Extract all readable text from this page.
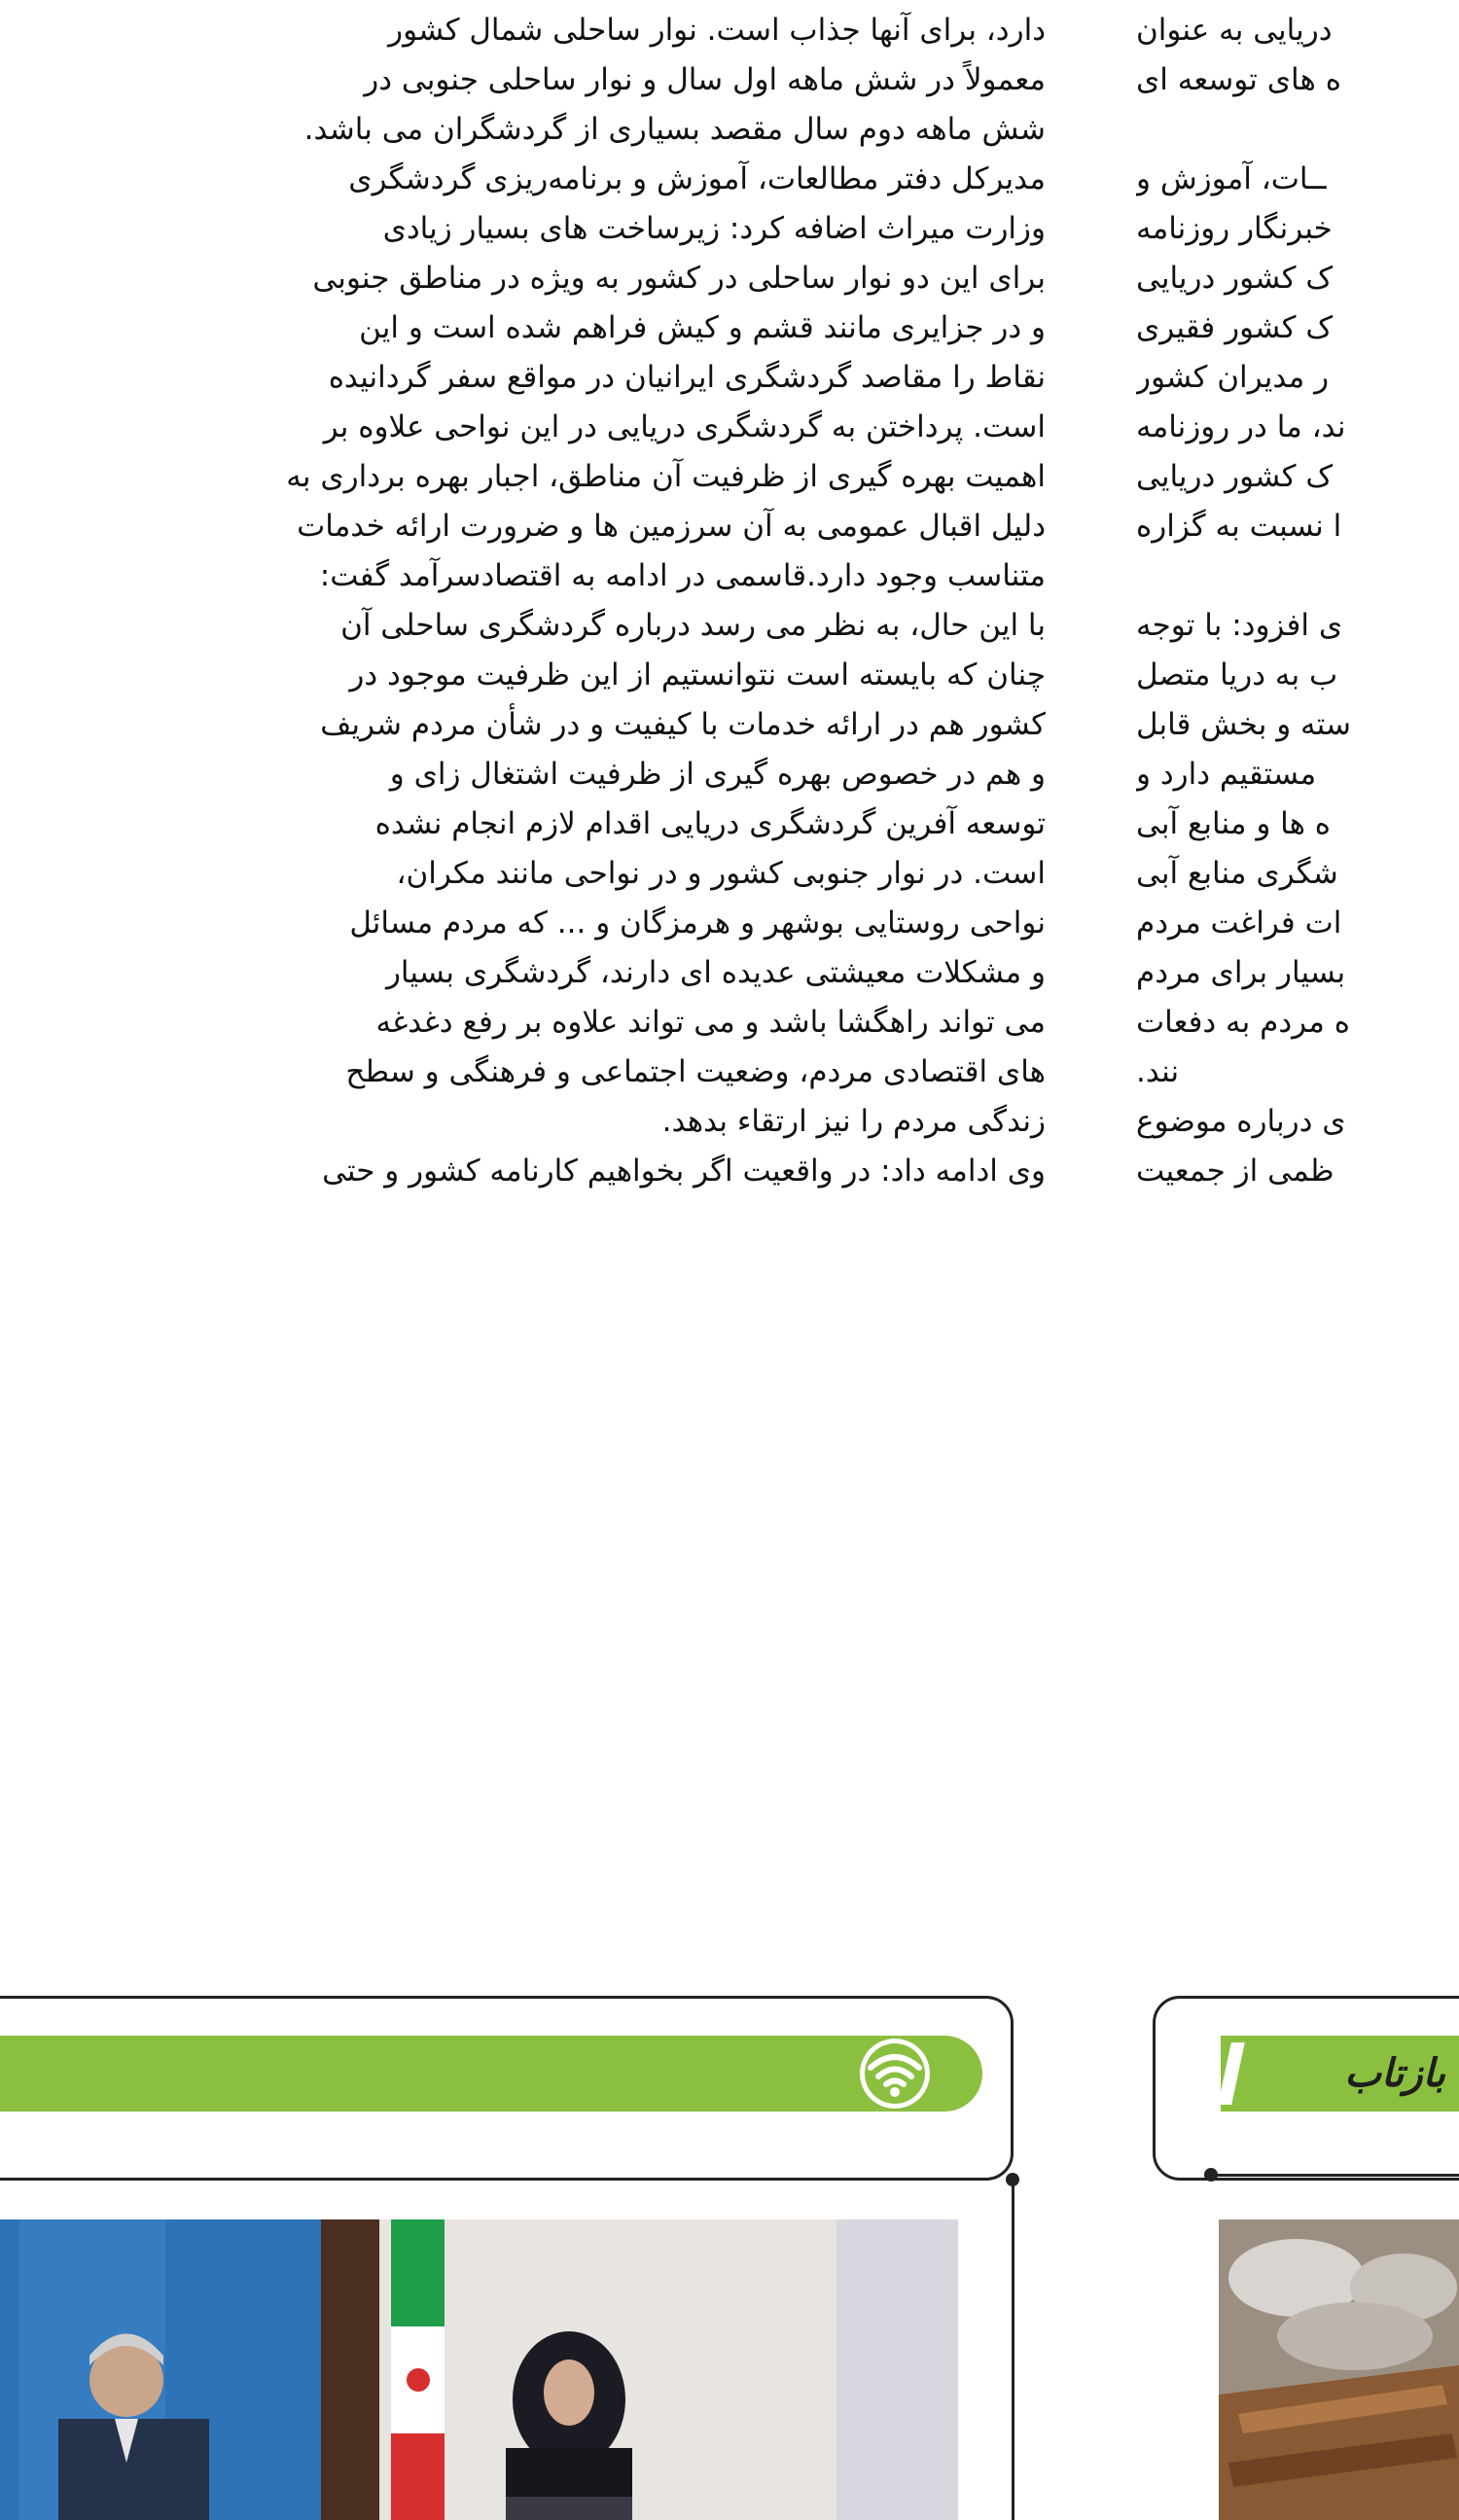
دارد، برای آنها جذاب است. نوار ساحلی شمال کشور
معمولاً در شش ماهه اول سال و نوار ساحلی جنوبی در
شش ماهه دوم سال مقصد بسیاری از گردشگران می باشد.
مدیرکل دفتر مطالعات، آموزش و برنامه‌ریزی گردشگری
وزارت میراث اضافه کرد: زیرساخت های بسیار زیادی
برای این دو نوار ساحلی در کشور به ویژه در مناطق جنوبی
و در جزایری مانند قشم و کیش فراهم شده است و این
نقاط را مقاصد گردشگری ایرانیان در مواقع سفر گردانیده
است. پرداختن به گردشگری دریایی در این نواحی علاوه بر
اهمیت بهره گیری از ظرفیت آن مناطق، اجبار بهره برداری به
دلیل اقبال عمومی به آن سرزمین ها و ضرورت ارائه خدمات
متناسب وجود دارد.قاسمی در ادامه به اقتصادسرآمد گفت:
با این حال، به نظر می رسد درباره گردشگری ساحلی آن
چنان که بایسته است نتوانستیم از این ظرفیت موجود در
کشور هم در ارائه خدمات با کیفیت و در شأن مردم شریف
و هم در خصوص بهره گیری از ظرفیت اشتغال زای و
توسعه آفرین گردشگری دریایی اقدام لازم انجام نشده
است. در نوار جنوبی کشور و در نواحی مانند مکران،
نواحی روستایی بوشهر و هرمزگان و ... که مردم مسائل
و مشکلات معیشتی عدیده ای دارند، گردشگری بسیار
می تواند راهگشا باشد و می تواند علاوه بر رفع دغدغه
های اقتصادی مردم، وضعیت اجتماعی و فرهنگی و سطح
زندگی مردم را نیز ارتقاء بدهد.
وی ادامه داد: در واقعیت اگر بخواهیم کارنامه کشور و حتی
دریایی به عنوان
ه های توسعه ای
ــات، آموزش و
خبرنگار روزنامه
ک کشور دریایی
ک کشور فقیری
ر مدیران کشور
ند، ما در روزنامه
ک کشور دریایی
ا نسبت به گزاره
ی افزود: با توجه
ب به دریا متصل
سته و بخش قابل
مستقیم دارد و
ه ها و منابع آبی
شگری منابع آبی
ات فراغت مردم
بسیار برای مردم
ه مردم به دفعات
نند.
ی درباره موضوع
ظمی از جمعیت
بازتاب
